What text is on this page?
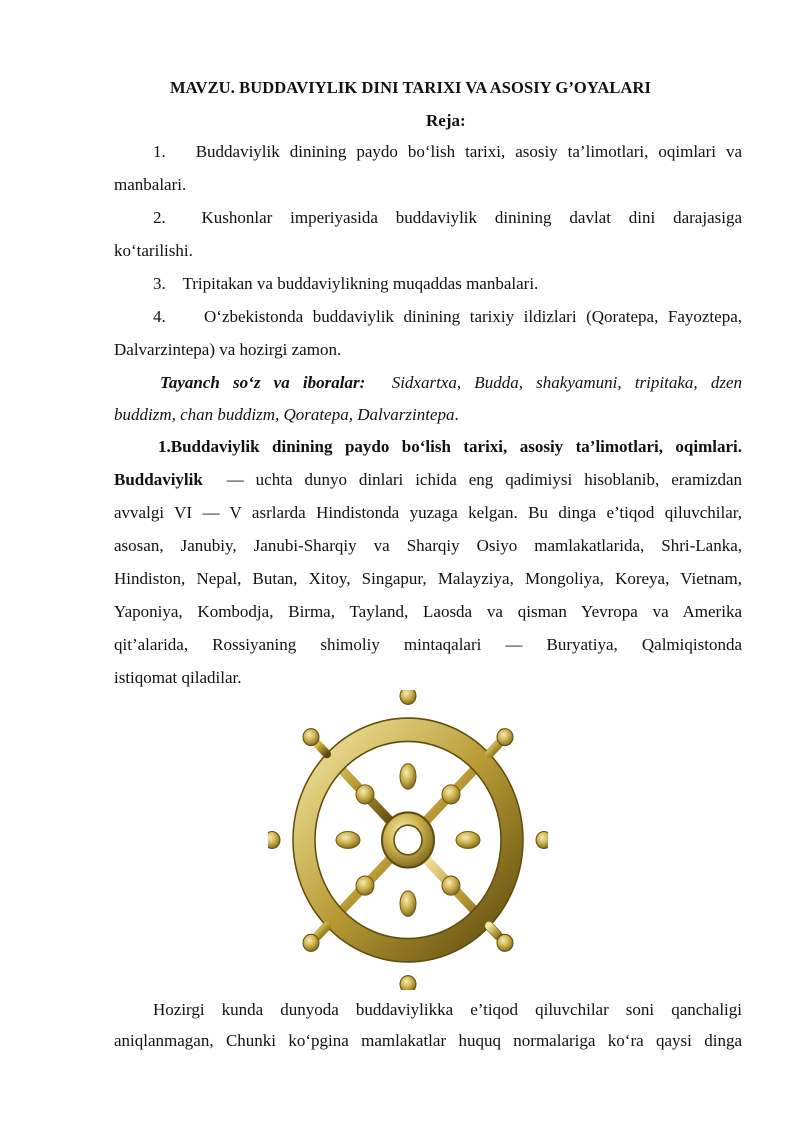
MAVZU. BUDDAVIYLIK DINI TARIXI VA ASOSIY G’OYALARI
Reja:
1. Buddaviylik dinining paydo bo‘lish tarixi, asosiy ta’limotlari, oqimlari va
manbalari.
2. Kushonlar imperiyasida buddaviylik dinining davlat dini darajasiga
ko‘tarilishi.
3. Tripitakan va buddaviylikning muqaddas manbalari.
4. O‘zbekistonda buddaviylik dinining tarixiy ildizlari (Qoratepa, Fayoztepa,
Dalvarzintepa) va hozirgi zamon.
Tayanch so‘z va iboralar: Sidxartxa, Budda, shakyamuni, tripitaka, dzen
buddizm, chan buddizm, Qoratepa, Dalvarzintepa.
1.Buddaviylik dinining paydo bo‘lish tarixi, asosiy ta’limotlari, oqimlari.
Buddaviylik — uchta dunyo dinlari ichida eng qadimiysi hisoblanib, eramizdan
avvalgi VI — V asrlarda Hindistonda yuzaga kelgan. Bu dinga e’tiqod qiluvchilar,
asosan, Janubiy, Janubi-Sharqiy va Sharqiy Osiyo mamlakatlarida, Shri-Lanka,
Hindiston, Nepal, Butan, Xitoy, Singapur, Malayziya, Mongoliya, Koreya, Vietnam,
Yaponiya, Kombodja, Birma, Tayland, Laosda va qisman Yevropa va Amerika
qit’alarida, Rossiyaning shimoliy mintaqalari — Buryatiya, Qalmiqistonda
istiqomat qiladilar.
Hozirgi kunda dunyoda buddaviylikka e’tiqod qiluvchilar soni qanchaligi
aniqlanmagan, Chunki ko‘pgina mamlakatlar huquq normalariga ko‘ra qaysi dinga
